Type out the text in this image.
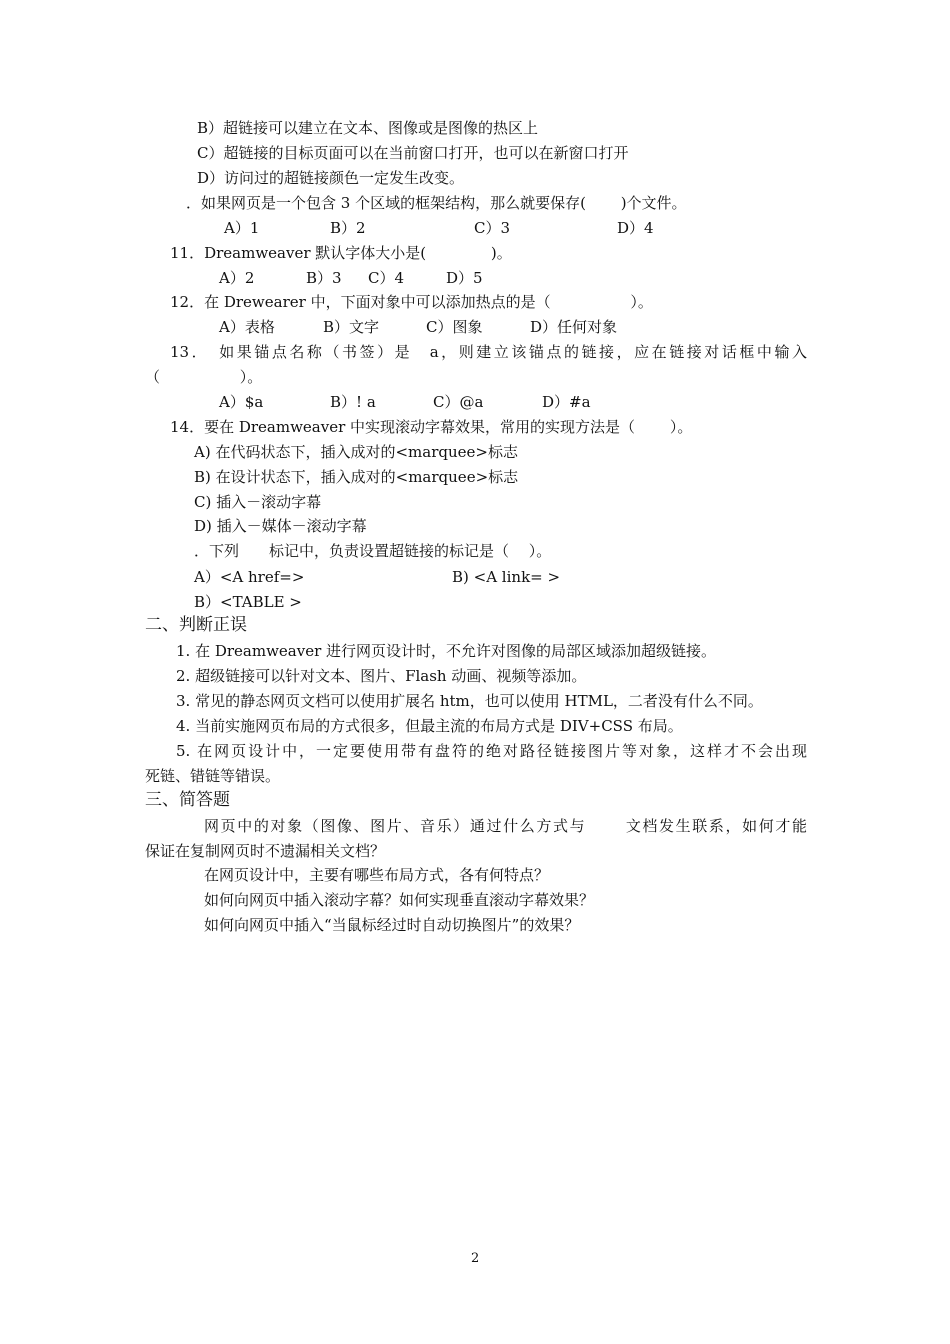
B）超链接可以建立在文本、图像或是图像的热区上
C）超链接的目标页面可以在当前窗口打开，也可以在新窗口打开
D）访问过的超链接颜色一定发生改变。
．如果网页是一个包含 3 个区域的框架结构，那么就要保存(　　 )个文件。
A）1	B）2	C）3	D）4
11．Dreamweaver 默认字体大小是(　　　 　)。
A）2	B）3 C）4	D）5
12．在 Drewearer 中，下面对象中可以添加热点的是（　　　　　 ）。
A）表格	B）文字	C）图象	D）任何对象
13．　如果锚点名称（书签）是　a，则建立该锚点的链接，应在链接对话框中输入
（　　　　　 ）。
A）$a	B）! a	C）@a	D）#a
14．要在 Dreamweaver 中实现滚动字幕效果，常用的实现方法是（　　 ）。
A) 在代码状态下，插入成对的<marquee>标志
B) 在设计状态下，插入成对的<marquee>标志
C) 插入－滚动字幕
D) 插入－媒体－滚动字幕
．下列　　标记中，负责设置超链接的标记是（　 ）。
A）<A href=>	B) <A link= >
B）<TABLE >
二、判断正误
1. 在 Dreamweaver 进行网页设计时，不允许对图像的局部区域添加超级链接。
2. 超级链接可以针对文本、图片、Flash 动画、视频等添加。
3. 常见的静态网页文档可以使用扩展名 htm，也可以使用 HTML，二者没有什么不同。
4. 当前实施网页布局的方式很多，但最主流的布局方式是 DIV+CSS 布局。
5. 在网页设计中，一定要使用带有盘符的绝对路径链接图片等对象，这样才不会出现
死链、错链等错误。
三、简答题
网页中的对象（图像、图片、音乐）通过什么方式与　　 文档发生联系，如何才能
保证在复制网页时不遗漏相关文档？
在网页设计中，主要有哪些布局方式，各有何特点？
如何向网页中插入滚动字幕？如何实现垂直滚动字幕效果？
如何向网页中插入“当鼠标经过时自动切换图片”的效果？
2
